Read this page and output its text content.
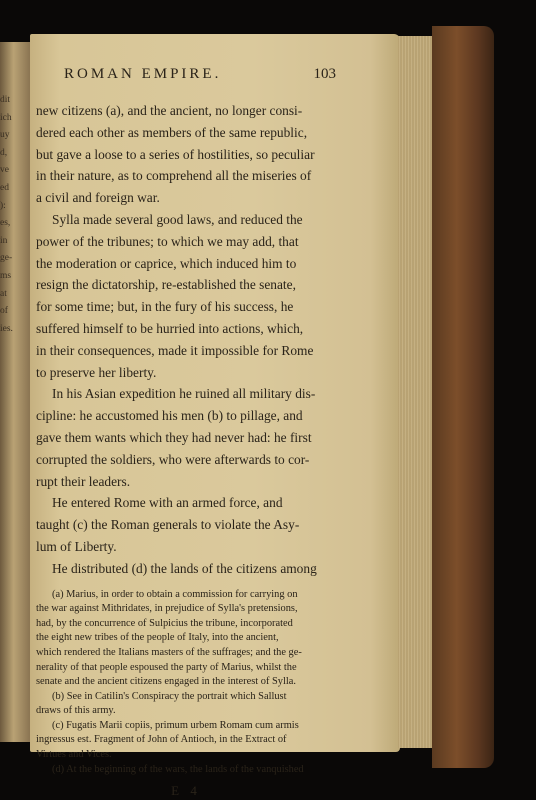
dit
ich
uy
d,
ve
ed
):
es,
in
ge-
ms
at
of
ies.
ROMAN EMPIRE.	103
new citizens (a), and the ancient, no longer consi-
dered each other as members of the same republic,
but gave a loose to a series of hostilities, so peculiar
in their nature, as to comprehend all the miseries of
a civil and foreign war.
Sylla made several good laws, and reduced the
power of the tribunes; to which we may add, that
the moderation or caprice, which induced him to
resign the dictatorship, re-established the senate,
for some time; but, in the fury of his success, he
suffered himself to be hurried into actions, which,
in their consequences, made it impossible for Rome
to preserve her liberty.
In his Asian expedition he ruined all military dis-
cipline: he accustomed his men (b) to pillage, and
gave them wants which they had never had: he first
corrupted the soldiers, who were afterwards to cor-
rupt their leaders.
He entered Rome with an armed force, and
taught (c) the Roman generals to violate the Asy-
lum of Liberty.
He distributed (d) the lands of the citizens among
(a) Marius, in order to obtain a commission for carrying on
the war against Mithridates, in prejudice of Sylla's pretensions,
had, by the concurrence of Sulpicius the tribune, incorporated
the eight new tribes of the people of Italy, into the ancient,
which rendered the Italians masters of the suffrages; and the ge-
nerality of that people espoused the party of Marius, whilst the
senate and the ancient citizens engaged in the interest of Sylla.
(b) See in Catilin's Conspiracy the portrait which Sallust
draws of this army.
(c) Fugatis Marii copiis, primum urbem Romam cum armis
ingressus est. Fragment of John of Antioch, in the Extract of
Virtues and Vices.
(d) At the beginning of the wars, the lands of the vanquished
E 4
